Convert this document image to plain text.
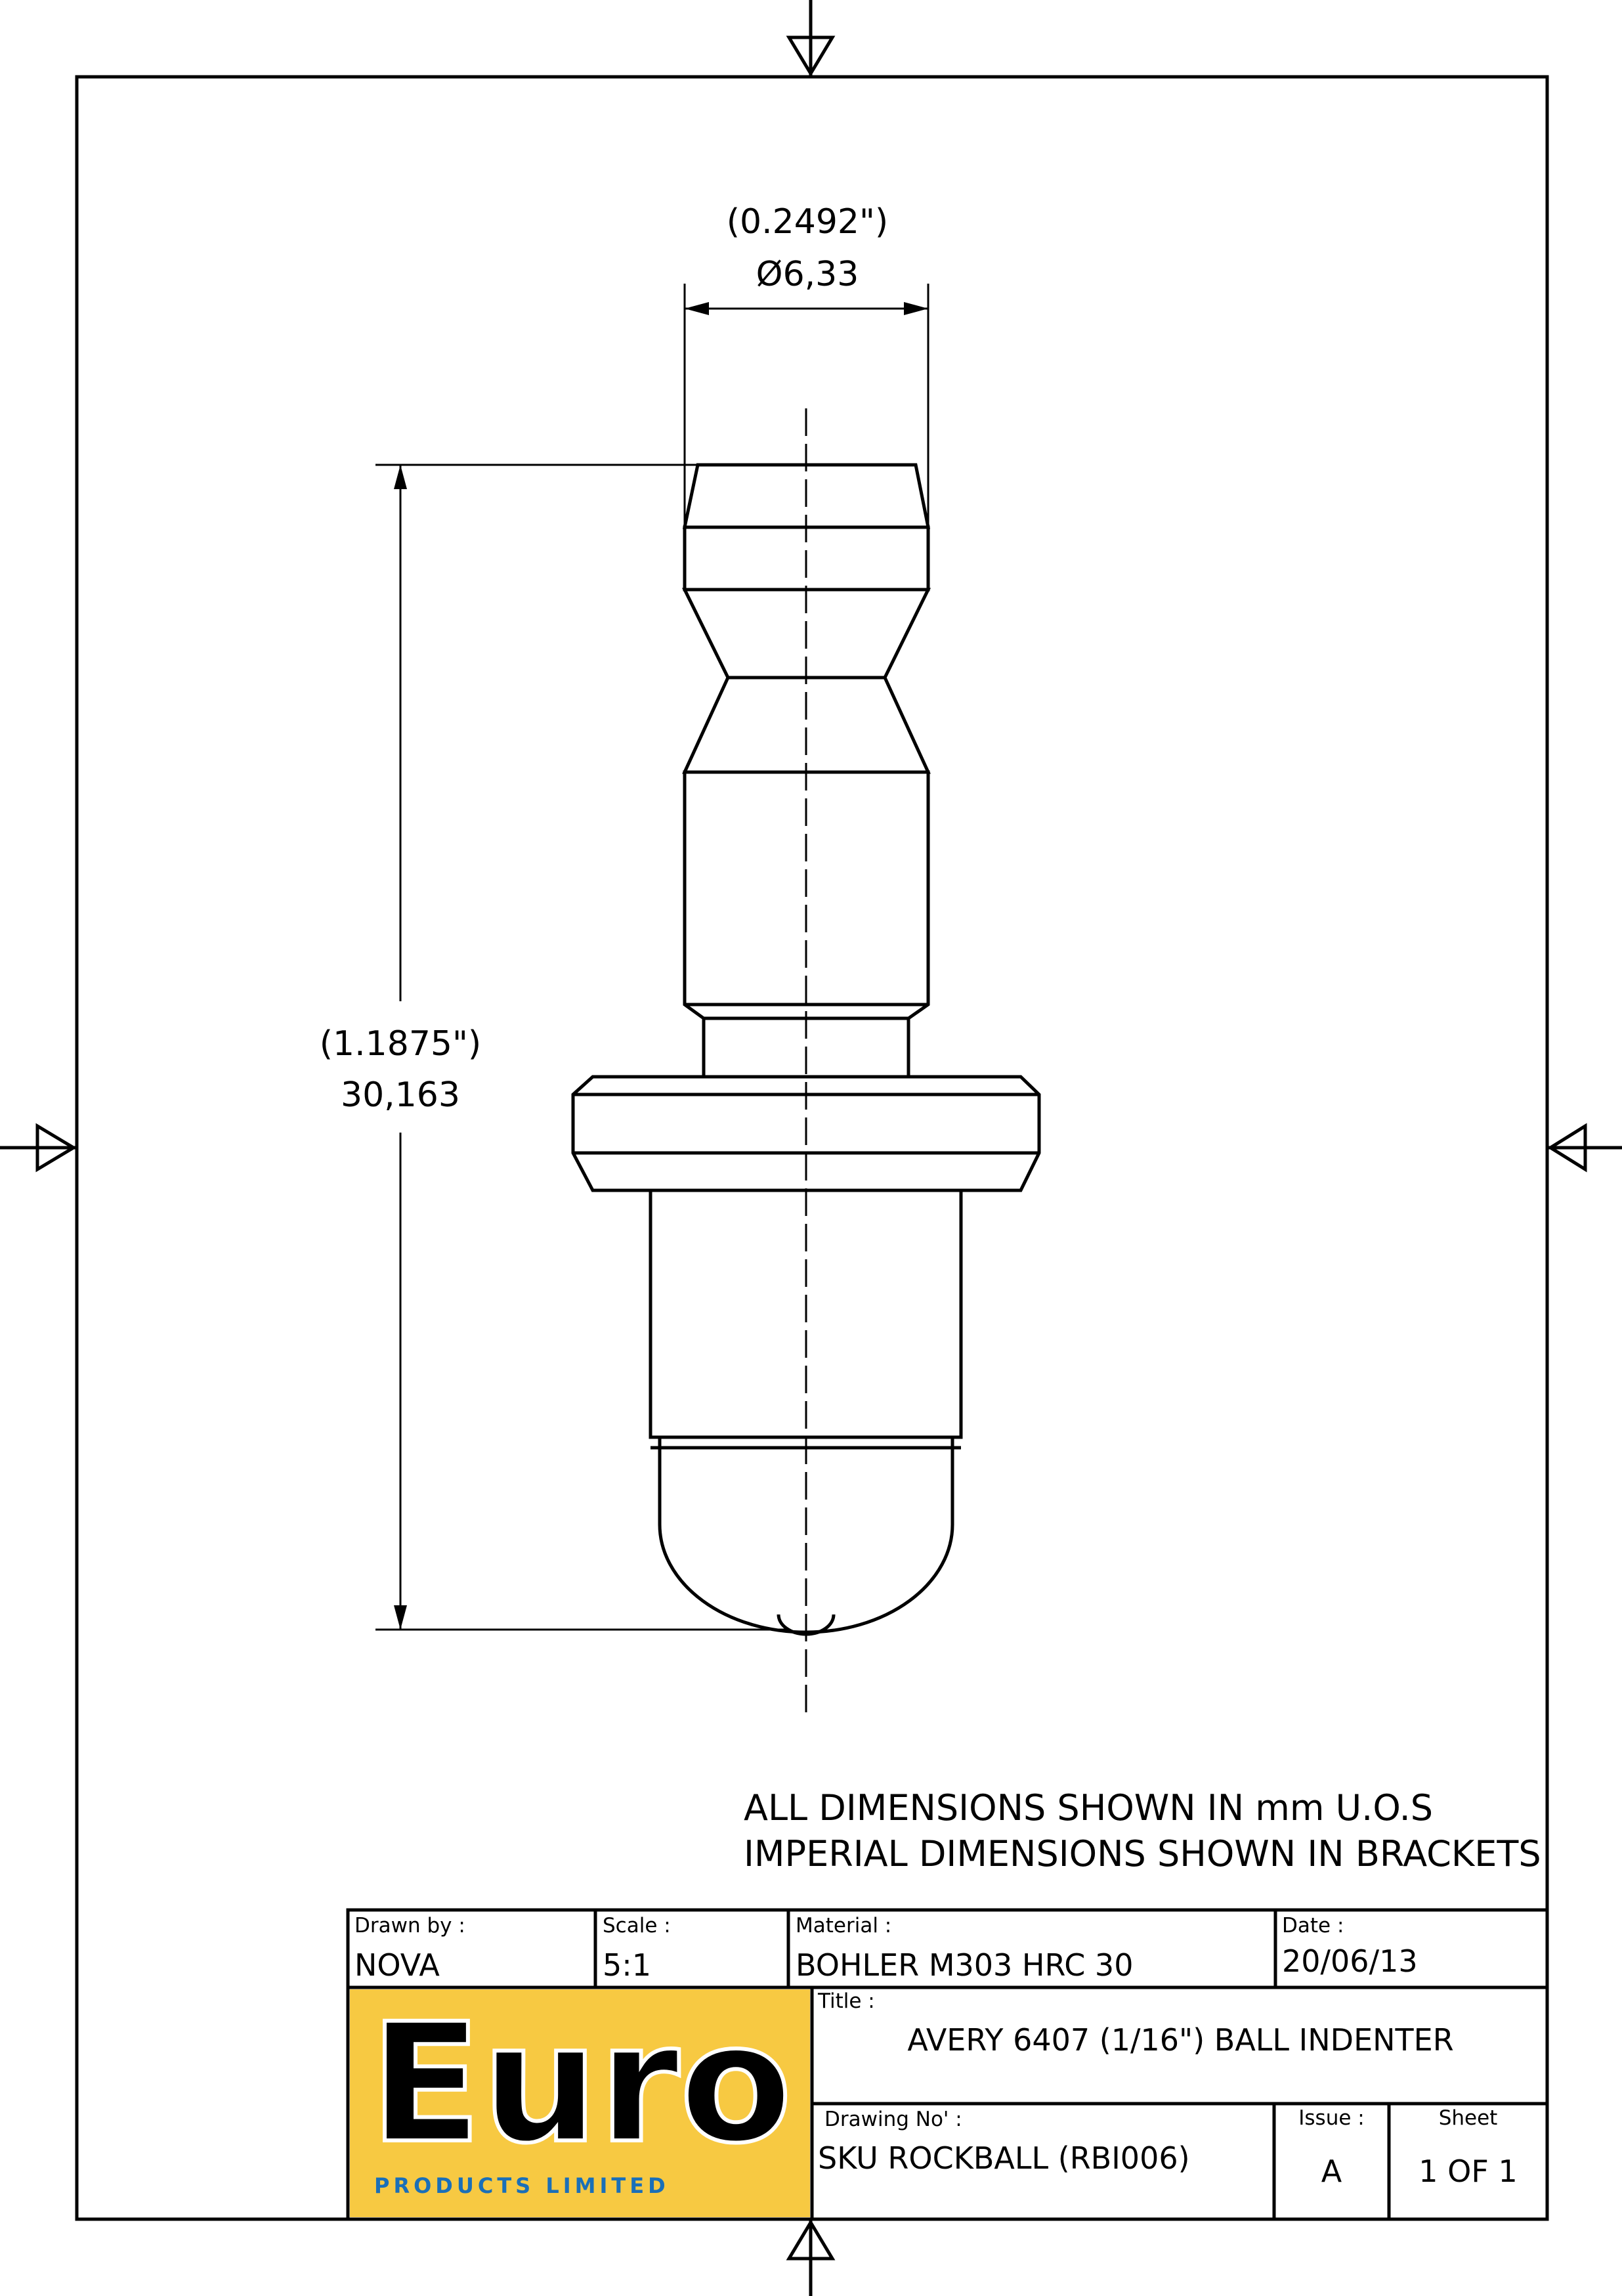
Euro
(0.2492")
Ø6,33
(1.1875")
30,163
ALL DIMENSIONS SHOWN IN mm U.O.S
IMPERIAL DIMENSIONS SHOWN IN BRACKETS
Drawn by :
NOVA
Scale :
5:1
Material :
BOHLER M303 HRC 30
Date :
20/06/13
Title :
AVERY 6407 (1/16") BALL INDENTER
Drawing No' :
SKU ROCKBALL (RBI006)
Issue :
A
Sheet
1 OF 1
PRODUCTS LIMITED
